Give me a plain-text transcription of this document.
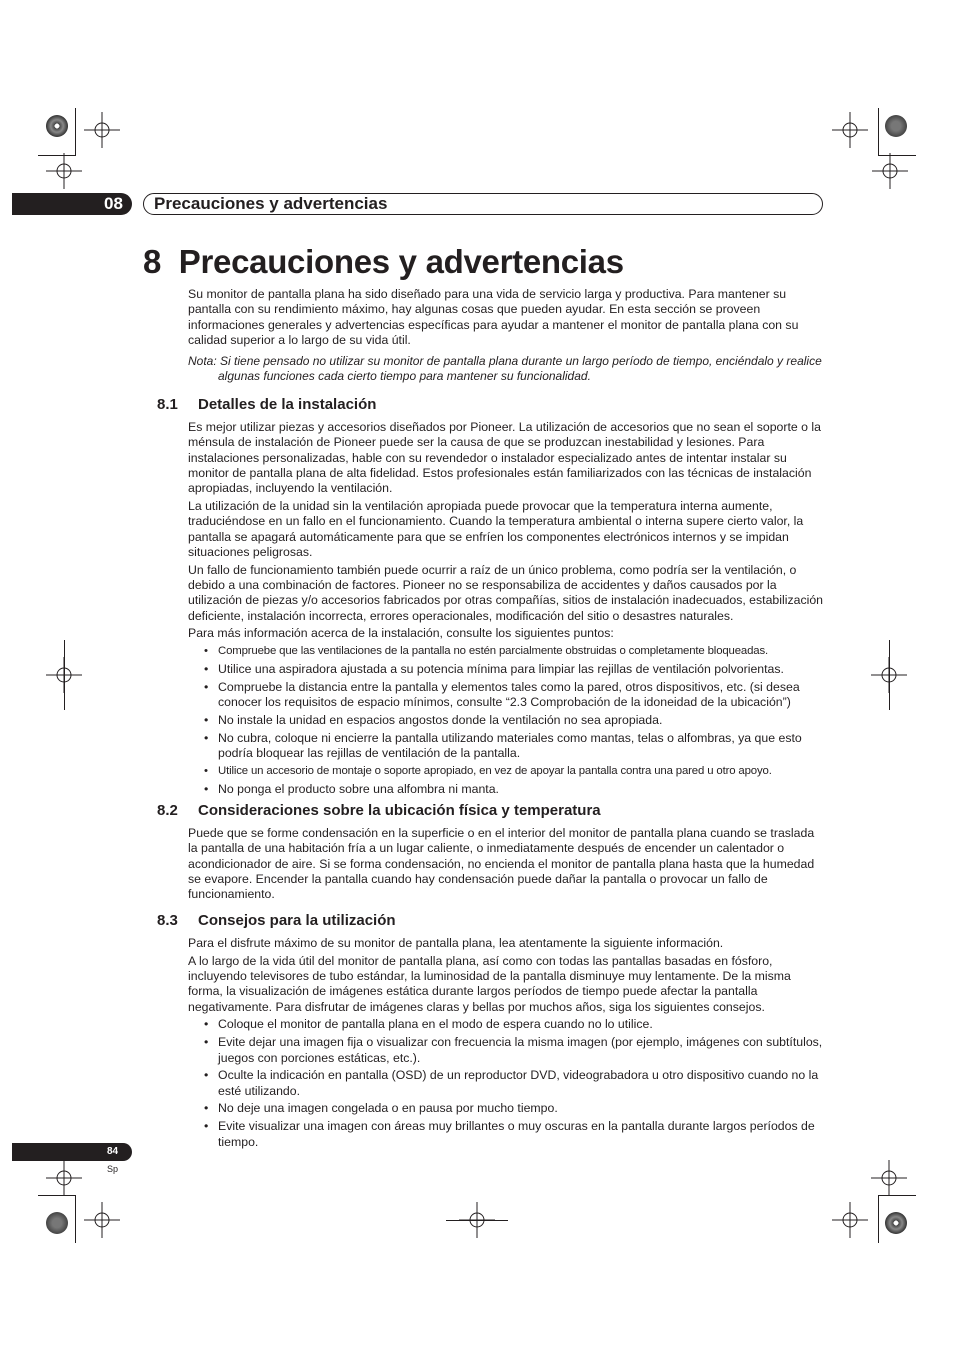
08 Precauciones y advertencias
8  Precauciones y advertencias

Su monitor de pantalla plana ha sido diseñado para una vida de servicio larga y productiva. Para mantener su pantalla con su rendimiento máximo, hay algunas cosas que pueden ayudar. En esta sección se proveen informaciones generales y advertencias específicas para ayudar a mantener el monitor de pantalla plana con su calidad superior a lo largo de su vida útil.

Nota: Si tiene pensado no utilizar su monitor de pantalla plana durante un largo período de tiempo, enciéndalo y realice algunas funciones cada cierto tiempo para mantener su funcionalidad.

8.1 Detalles de la instalación

Es mejor utilizar piezas y accesorios diseñados por Pioneer. La utilización de accesorios que no sean el soporte o la ménsula de instalación de Pioneer puede ser la causa de que se produzcan inestabilidad y lesiones. Para instalaciones personalizadas, hable con su revendedor o instalador especializado antes de intentar instalar su monitor de pantalla plana de alta fidelidad. Estos profesionales están familiarizados con las técnicas de instalación apropiadas, incluyendo la ventilación.

La utilización de la unidad sin la ventilación apropiada puede provocar que la temperatura interna aumente, traduciéndose en un fallo en el funcionamiento. Cuando la temperatura ambiental o interna supere cierto valor, la pantalla se apagará automáticamente para que se enfríen los componentes electrónicos internos y se impidan situaciones peligrosas.

Un fallo de funcionamiento también puede ocurrir a raíz de un único problema, como podría ser la ventilación, o debido a una combinación de factores. Pioneer no se responsabiliza de accidentes y daños causados por la utilización de piezas y/o accesorios fabricados por otras compañías, sitios de instalación inadecuados, estabilización deficiente, instalación incorrecta, errores operacionales, modificación del sitio o desastres naturales.

Para más información acerca de la instalación, consulte los siguientes puntos:

• Compruebe que las ventilaciones de la pantalla no estén parcialmente obstruidas o completamente bloqueadas.
• Utilice una aspiradora ajustada a su potencia mínima para limpiar las rejillas de ventilación polvorientas.
• Compruebe la distancia entre la pantalla y elementos tales como la pared, otros dispositivos, etc. (si desea conocer los requisitos de espacio mínimos, consulte “2.3 Comprobación de la idoneidad de la ubicación”)
• No instale la unidad en espacios angostos donde la ventilación no sea apropiada.
• No cubra, coloque ni encierre la pantalla utilizando materiales como mantas, telas o alfombras, ya que esto podría bloquear las rejillas de ventilación de la pantalla.
• Utilice un accesorio de montaje o soporte apropiado, en vez de apoyar la pantalla contra una pared u otro apoyo.
• No ponga el producto sobre una alfombra ni manta.
8.2 Consideraciones sobre la ubicación física y temperatura

Puede que se forme condensación en la superficie o en el interior del monitor de pantalla plana cuando se traslada la pantalla de una habitación fría a un lugar caliente, o inmediatamente después de encender un calentador o acondicionador de aire. Si se forma condensación, no encienda el monitor de pantalla plana hasta que la humedad se evapore. Encender la pantalla cuando hay condensación puede dañar la pantalla o provocar un fallo de funcionamiento.

8.3 Consejos para la utilización

Para el disfrute máximo de su monitor de pantalla plana, lea atentamente la siguiente información.

A lo largo de la vida útil del monitor de pantalla plana, así como con todas las pantallas basadas en fósforo, incluyendo televisores de tubo estándar, la luminosidad de la pantalla disminuye muy lentamente. De la misma forma, la visualización de imágenes estática durante largos períodos de tiempo puede afectar la pantalla negativamente. Para disfrutar de imágenes claras y bellas por muchos años, siga los siguientes consejos.

• Coloque el monitor de pantalla plana en el modo de espera cuando no lo utilice.
• Evite dejar una imagen fija o visualizar con frecuencia la misma imagen (por ejemplo, imágenes con subtítulos, juegos con porciones estáticas, etc.).
• Oculte la indicación en pantalla (OSD) de un reproductor DVD, videograbadora u otro dispositivo cuando no la esté utilizando.
• No deje una imagen congelada o en pausa por mucho tiempo.
• Evite visualizar una imagen con áreas muy brillantes o muy oscuras en la pantalla durante largos períodos de tiempo.
84
Sp
